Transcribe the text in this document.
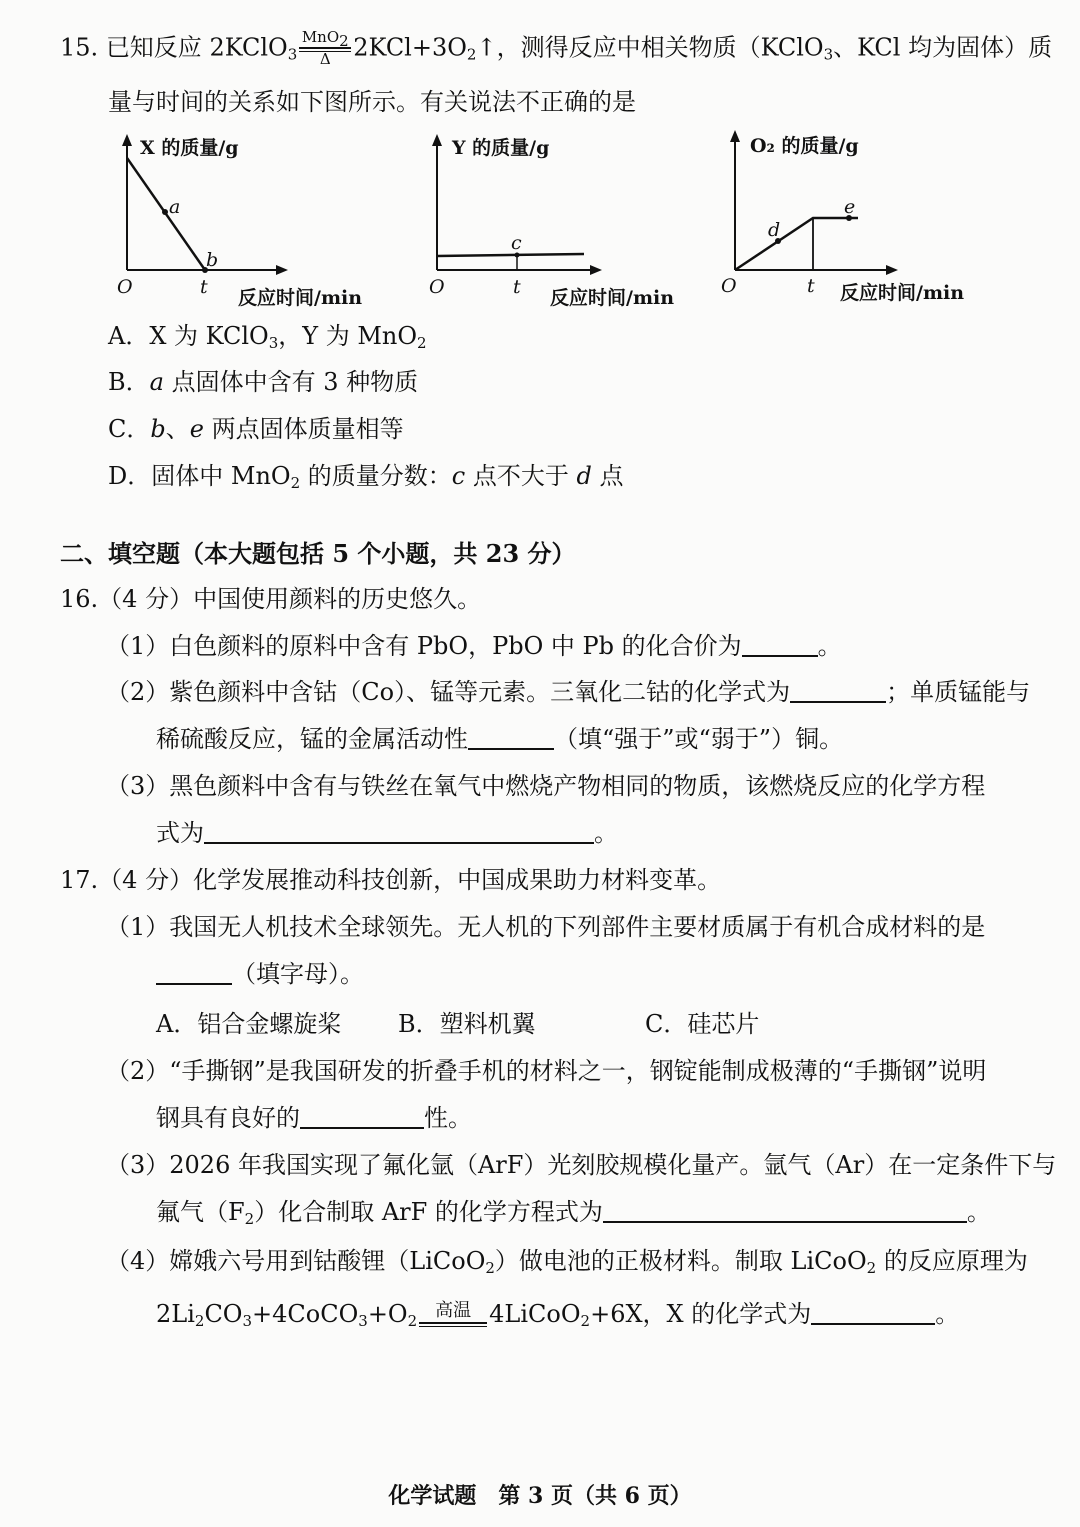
15. 已知反应 2KClO$_3$
MnO$_2$
Δ $2KCl+3O_2↑$，测得反应中相关物质（KClO$_3$、KCl 均为固体）质
量与时间的关系如下图所示。有关说法不正确的是
X 的质量/g
a
b
O	t 反应时间/min
Y 的质量/g
c
O	t 反应时间/min
O₂ 的质量/g
d
e
O	t 反应时间/min
A．X 为 KClO$_3$，Y 为 MnO$_2$
B．a 点固体中含有 3 种物质
C．b、e 两点固体质量相等
D．固体中 MnO$_2$ 的质量分数：c 点不大于 d 点
二、填空题（本大题包括 5 个小题，共 23 分）
16.（4 分）中国使用颜料的历史悠久。
（1）白色颜料的原料中含有 PbO，PbO 中 Pb 的化合价为	。
（2）紫色颜料中含钴（Co）、锰等元素。三氧化二钴的化学式为	；单质锰能与
稀硫酸反应，锰的金属活动性	（填“强于”或“弱于”）铜。
（3）黑色颜料中含有与铁丝在氧气中燃烧产物相同的物质，该燃烧反应的化学方程
式为	。
17.（4 分）化学发展推动科技创新，中国成果助力材料变革。
（1）我国无人机技术全球领先。无人机的下列部件主要材质属于有机合成材料的是
（填字母）。
A．铝合金螺旋桨 B．塑料机翼	C．硅芯片
（2）“手撕钢”是我国研发的折叠手机的材料之一，钢锭能制成极薄的“手撕钢”说明
钢具有良好的	性。
（3）2026 年我国实现了氟化氩（ArF）光刻胶规模化量产。氩气（Ar）在一定条件下与
氟气$(F_2)$化合制取 ArF 的化学方程式为	。
（4）嫦娥六号用到钴酸锂（LiCoO$_2$）做电池的正极材料。制取 LiCoO$_2$ 的反应原理为
$2Li_2CO_3+4CoCO_3+O_2$ 高温 4LiCoO$_2$+6X，X 的化学式为	。
化学试题　第 3 页（共 6 页）
